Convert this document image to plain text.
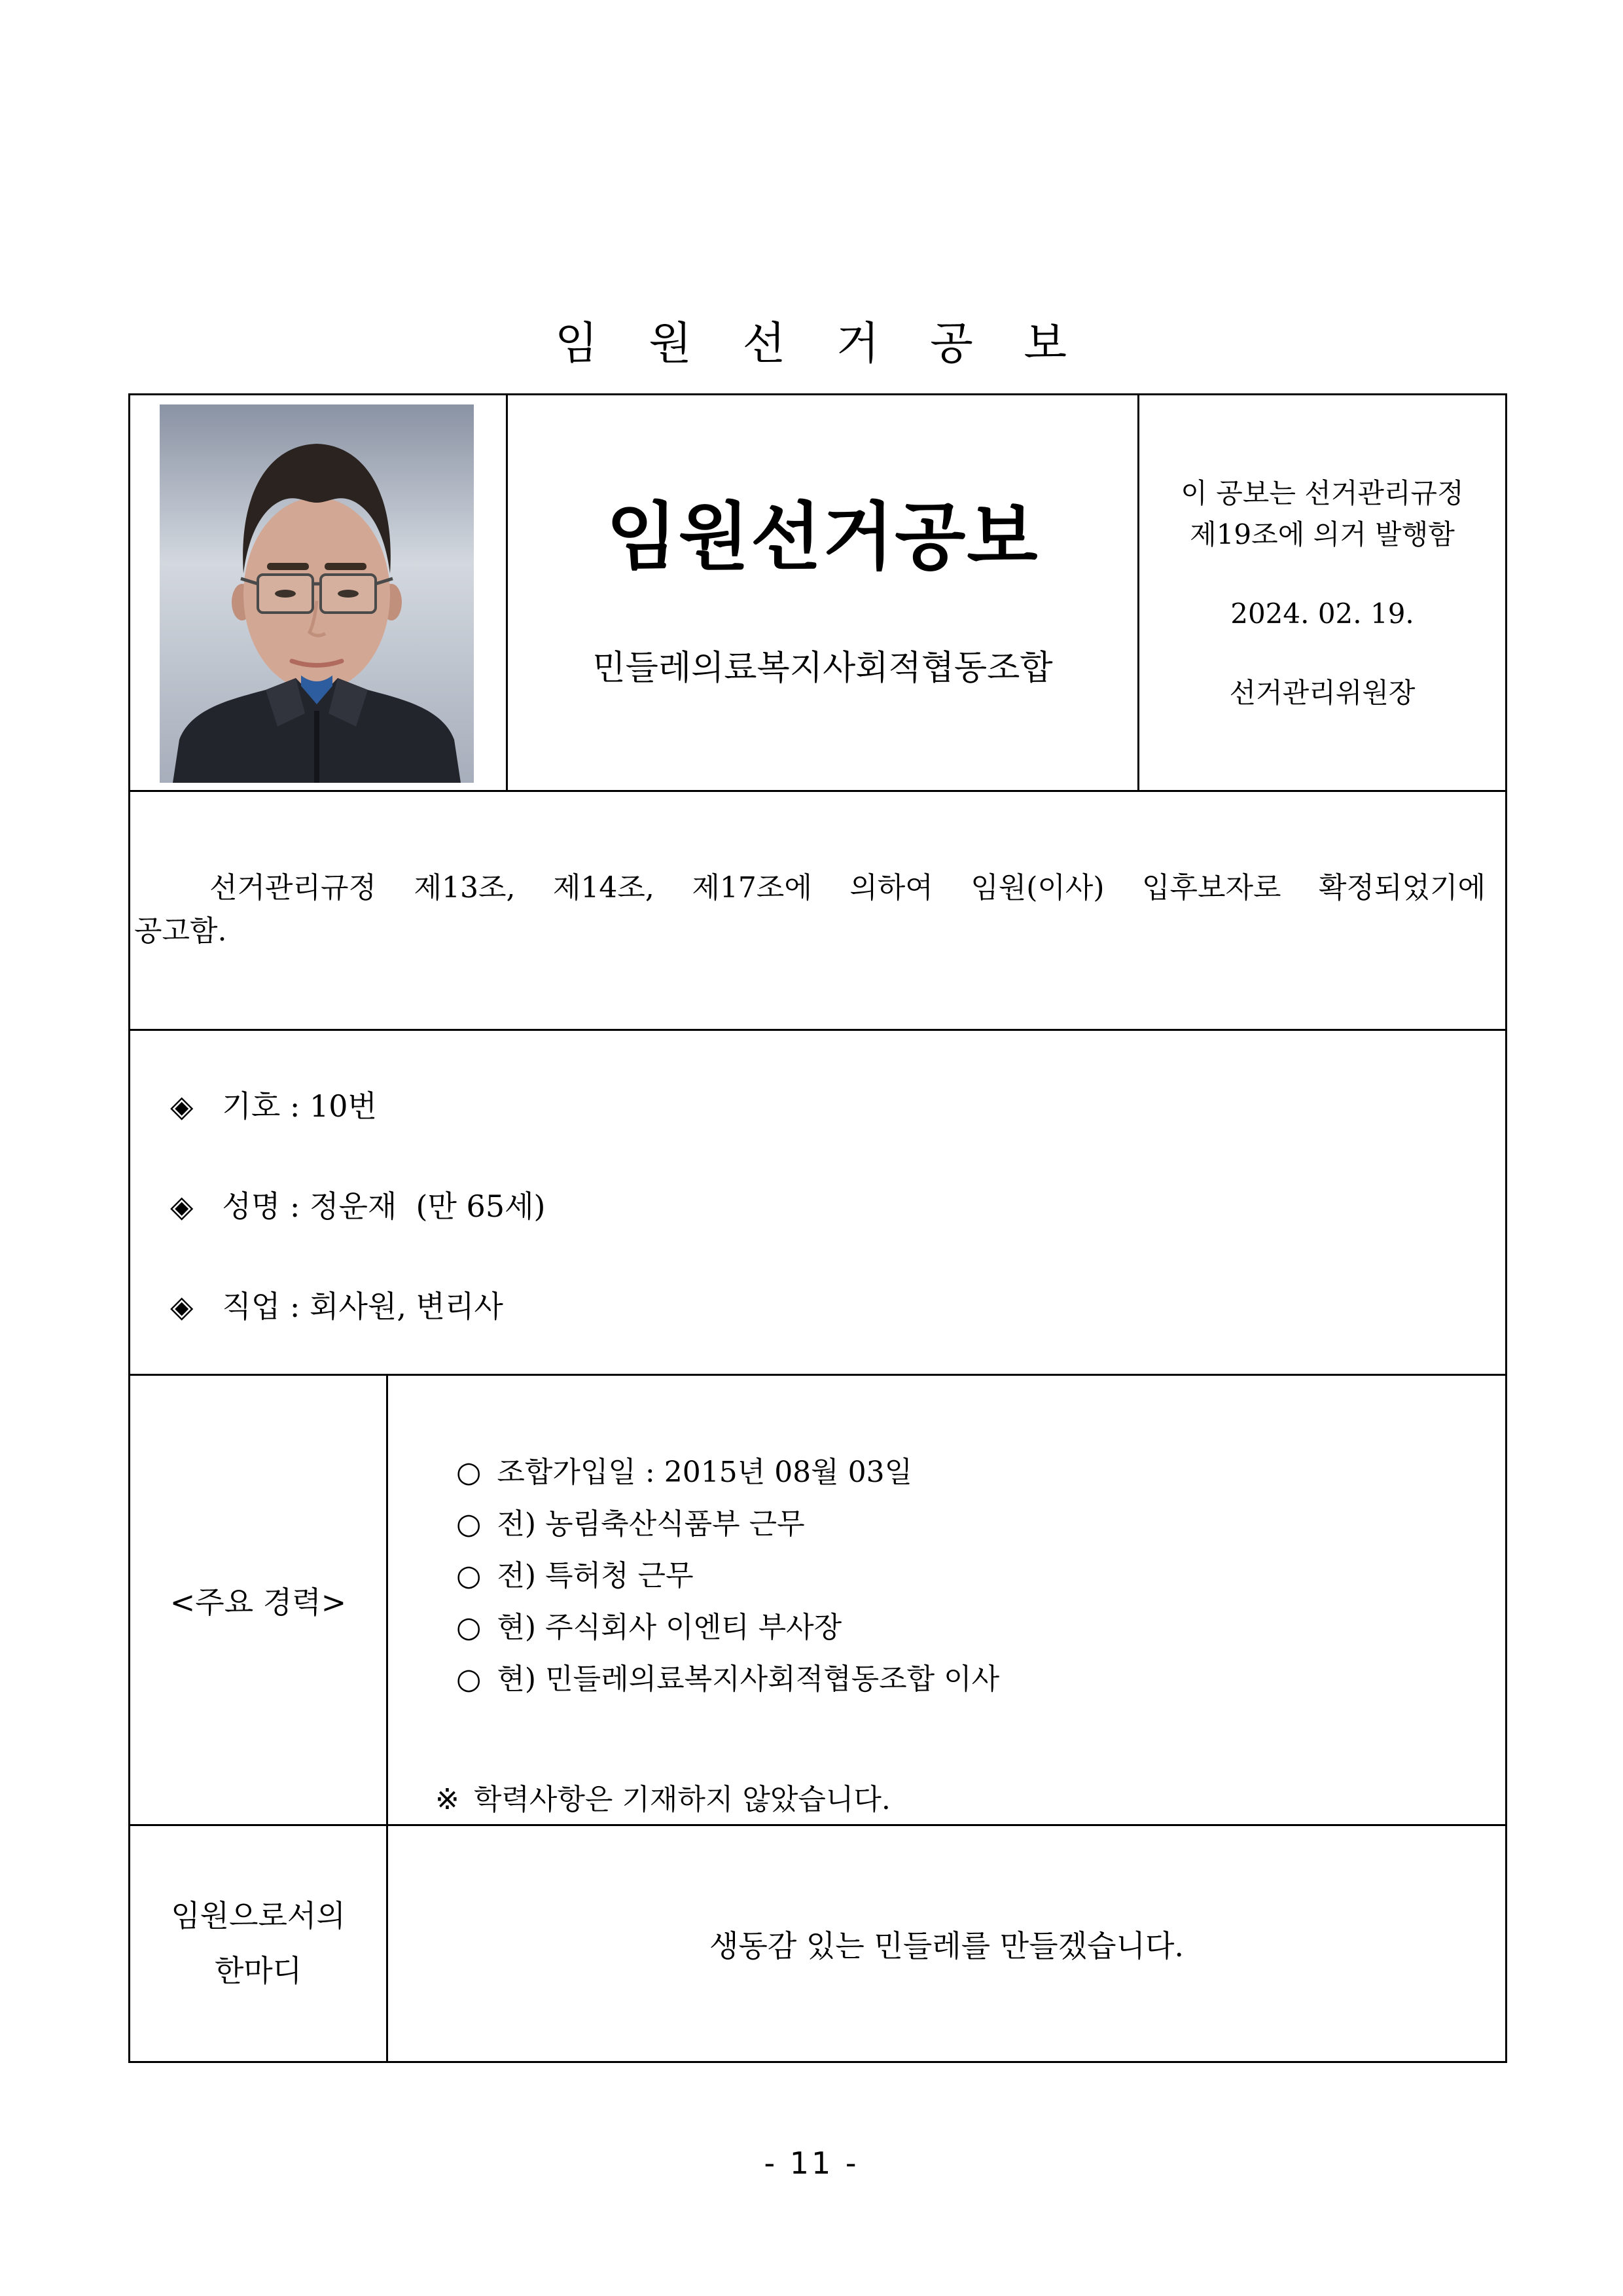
임 원 선 거 공 보
임원선거공보
민들레의료복지사회적협동조합
이 공보는 선거관리규정
제19조에 의거 발행함
2024. 02. 19.
선거관리위원장
선거관리규정 제13조, 제14조, 제17조에 의하여 임원(이사) 입후보자로 확정되었기에
공고함.
◈ 기호 : 10번
◈ 성명 : 정운재  (만 65세)
◈ 직업 : 회사원, 변리사
<주요 경력>
○ 조합가입일 : 2015년 08월 03일
○ 전) 농림축산식품부 근무
○ 전) 특허청 근무
○ 현) 주식회사 이엔티 부사장
○ 현) 민들레의료복지사회적협동조합 이사
※ 학력사항은 기재하지 않았습니다.
임원으로서의
한마디
생동감 있는 민들레를 만들겠습니다.
- 11 -
